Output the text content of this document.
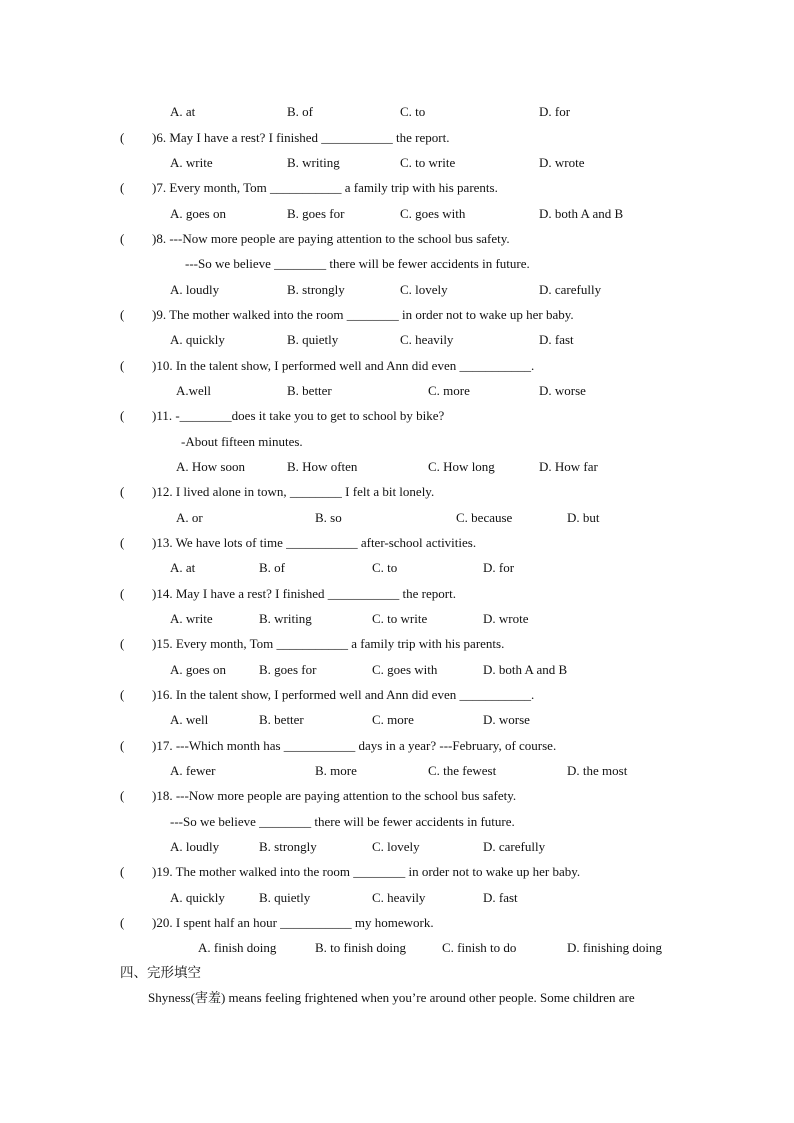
A. at	B. of	C. to	D. for
( )6. May I have a rest? I finished ___________ the report.
A. write	B. writing	C. to write	D. wrote
( )7. Every month, Tom ___________ a family trip with his parents.
A. goes on	B. goes for	C. goes with	D. both A and B
( )8. ---Now more people are paying attention to the school bus safety.
---So we believe ________ there will be fewer accidents in future.
A. loudly	B. strongly	C. lovely	D. carefully
( )9. The mother walked into the room ________ in order not to wake up her baby.
A. quickly	B. quietly	C. heavily	D. fast
( )10. In the talent show, I performed well and Ann did even ___________.
A.well	B. better	C. more	D. worse
( )11. -________does it take you to get to school by bike?
-About fifteen minutes.
A. How soon	B. How often	C. How long	D. How far
( )12. I lived alone in town, ________ I felt a bit lonely.
A. or	B. so	C. because	D. but
( )13. We have lots of time ___________ after-school activities.
A. at	B. of	C. to	D. for
( )14. May I have a rest? I finished ___________ the report.
A. write	B. writing	C. to write	D. wrote
( )15. Every month, Tom ___________ a family trip with his parents.
A. goes on	B. goes for	C. goes with	D. both A and B
( )16. In the talent show, I performed well and Ann did even ___________.
A. well	B. better	C. more	D. worse
( )17. ---Which month has ___________ days in a year? ---February, of course.
A. fewer	B. more	C. the fewest	D. the most
( )18. ---Now more people are paying attention to the school bus safety.
---So we believe ________ there will be fewer accidents in future.
A. loudly	B. strongly	C. lovely	D. carefully
( )19. The mother walked into the room ________ in order not to wake up her baby.
A. quickly	B. quietly	C. heavily	D. fast
( )20. I spent half an hour ___________ my homework.
A. finish doing	B. to finish doing	C. finish to do	D. finishing doing
四、完形填空
Shyness(害羞) means feeling frightened when you’re around other people. Some children are
